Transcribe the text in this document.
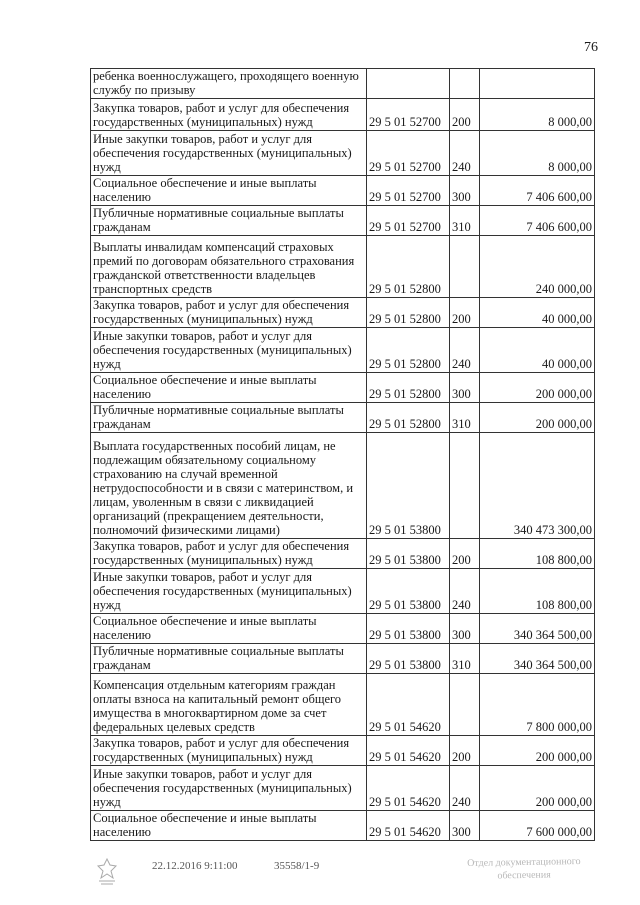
76
ребенка военнослужащего, проходящего военную службу по призыву			
Закупка товаров, работ и услуг для обеспечения государственных (муниципальных) нужд	29 5 01 52700	200	8 000,00
Иные закупки товаров, работ и услуг для обеспечения государственных (муниципальных) нужд	29 5 01 52700	240	8 000,00
Социальное обеспечение и иные выплаты населению	29 5 01 52700	300	7 406 600,00
Публичные нормативные социальные выплаты гражданам	29 5 01 52700	310	7 406 600,00
Выплаты инвалидам компенсаций страховых премий по договорам обязательного страхования гражданской ответственности владельцев транспортных средств	29 5 01 52800		240 000,00
Закупка товаров, работ и услуг для обеспечения государственных (муниципальных) нужд	29 5 01 52800	200	40 000,00
Иные закупки товаров, работ и услуг для обеспечения государственных (муниципальных) нужд	29 5 01 52800	240	40 000,00
Социальное обеспечение и иные выплаты населению	29 5 01 52800	300	200 000,00
Публичные нормативные социальные выплаты гражданам	29 5 01 52800	310	200 000,00
Выплата государственных пособий лицам, не подлежащим обязательному социальному страхованию на случай временной нетрудоспособности и в связи с материнством, и лицам, уволенным в связи с ликвидацией организаций (прекращением деятельности, полномочий физическими лицами)	29 5 01 53800		340 473 300,00
Закупка товаров, работ и услуг для обеспечения государственных (муниципальных) нужд	29 5 01 53800	200	108 800,00
Иные закупки товаров, работ и услуг для обеспечения государственных (муниципальных) нужд	29 5 01 53800	240	108 800,00
Социальное обеспечение и иные выплаты населению	29 5 01 53800	300	340 364 500,00
Публичные нормативные социальные выплаты гражданам	29 5 01 53800	310	340 364 500,00
Компенсация отдельным категориям граждан оплаты взноса на капитальный ремонт общего имущества в многоквартирном доме за счет федеральных целевых средств	29 5 01 54620		7 800 000,00
Закупка товаров, работ и услуг для обеспечения государственных (муниципальных) нужд	29 5 01 54620	200	200 000,00
Иные закупки товаров, работ и услуг для обеспечения государственных (муниципальных) нужд	29 5 01 54620	240	200 000,00
Социальное обеспечение и иные выплаты населению	29 5 01 54620	300	7 600 000,00
22.12.2016 9:11:00	35558/1-9	Отдел документационного обеспечения
